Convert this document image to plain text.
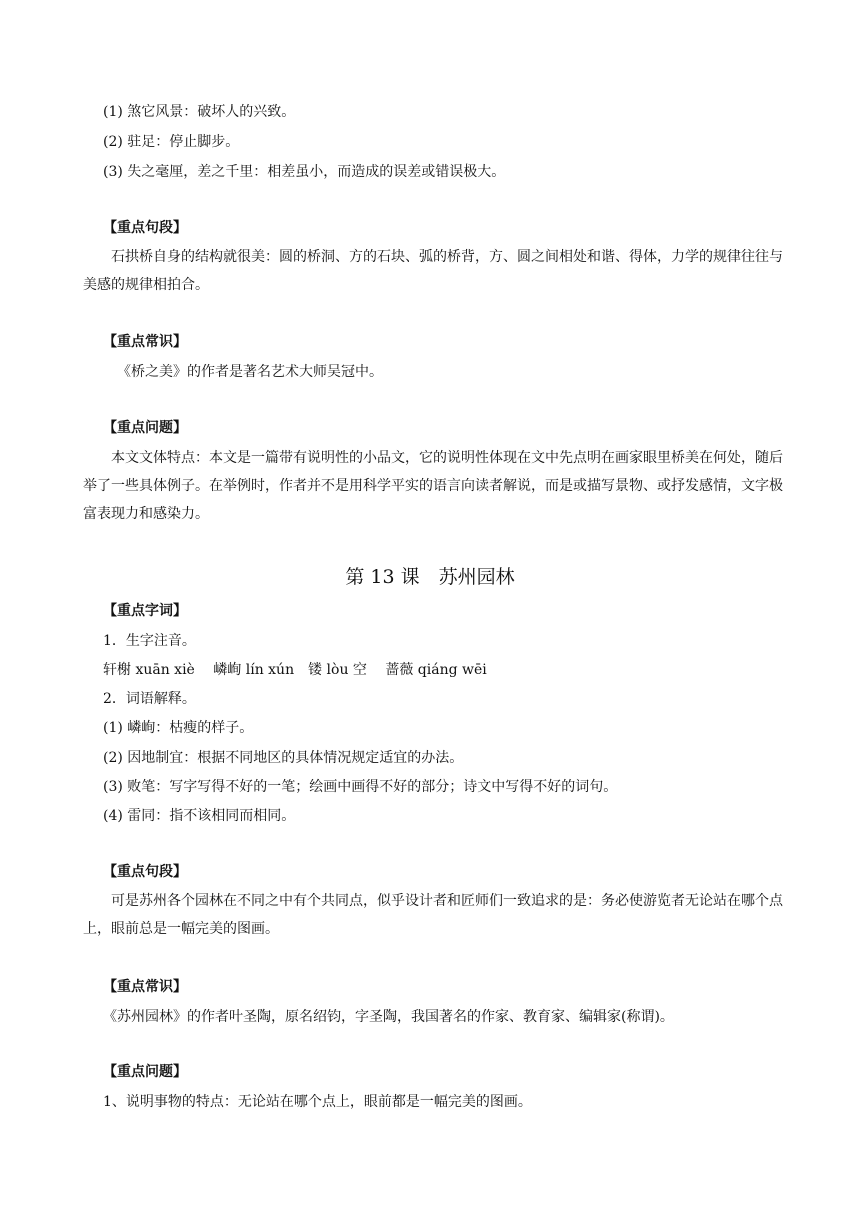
(1) 煞它风景：破坏人的兴致。
(2) 驻足：停止脚步。
(3) 失之毫厘，差之千里：相差虽小，而造成的误差或错误极大。
【重点句段】
石拱桥自身的结构就很美：圆的桥洞、方的石块、弧的桥背，方、圆之间相处和谐、得体，力学的规律往往与美感的规律相拍合。
【重点常识】
《桥之美》的作者是著名艺术大师吴冠中。
【重点问题】
本文文体特点：本文是一篇带有说明性的小品文，它的说明性体现在文中先点明在画家眼里桥美在何处，随后举了一些具体例子。在举例时，作者并不是用科学平实的语言向读者解说，而是或描写景物、或抒发感情，文字极富表现力和感染力。
第 13 课　苏州园林
【重点字词】
1．生字注音。
轩榭 xuān xiè　 嶙峋 lín xún　镂 lòu 空　 蔷薇 qiáng wēi
2．词语解释。
(1) 嶙峋：枯瘦的样子。
(2) 因地制宜：根据不同地区的具体情况规定适宜的办法。
(3) 败笔：写字写得不好的一笔；绘画中画得不好的部分；诗文中写得不好的词句。
(4) 雷同：指不该相同而相同。
【重点句段】
可是苏州各个园林在不同之中有个共同点，似乎设计者和匠师们一致追求的是：务必使游览者无论站在哪个点上，眼前总是一幅完美的图画。
【重点常识】
《苏州园林》的作者叶圣陶，原名绍钧，字圣陶，我国著名的作家、教育家、编辑家(称谓)。
【重点问题】
1、说明事物的特点：无论站在哪个点上，眼前都是一幅完美的图画。
